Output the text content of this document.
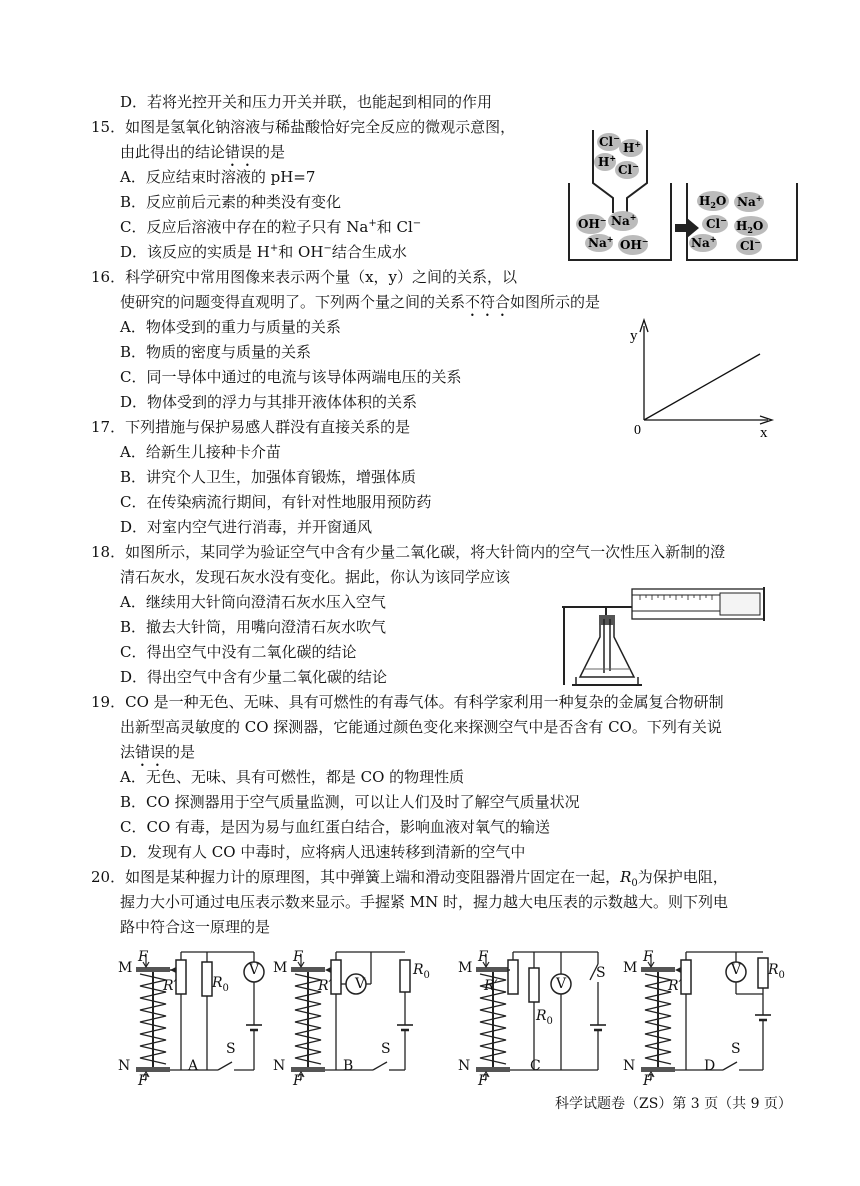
D．若将光控开关和压力开关并联，也能起到相同的作用
15．如图是氢氧化钠溶液与稀盐酸恰好完全反应的微观示意图，
由此得出的结论错误的是
A．反应结束时溶液的 pH=7
B．反应前后元素的种类没有变化
C．反应后溶液中存在的粒子只有 Na+和 Cl−
D．该反应的实质是 H+和 OH−结合生成水
Cl−
H+
H+
Cl−
OH− Na+
Na+ OH−
$H_2O$ Na+
Cl− $H_2O$
Na+ Cl−
16．科学研究中常用图像来表示两个量（x，y）之间的关系，以
使研究的问题变得直观明了。下列两个量之间的关系不符合如图所示的是
A．物体受到的重力与质量的关系
B．物质的密度与质量的关系
C．同一导体中通过的电流与该导体两端电压的关系
D．物体受到的浮力与其排开液体体积的关系
y
x
0
17．下列措施与保护易感人群没有直接关系的是
A．给新生儿接种卡介苗
B．讲究个人卫生，加强体育锻炼，增强体质
C．在传染病流行期间，有针对性地服用预防药
D．对室内空气进行消毒，并开窗通风
18．如图所示，某同学为验证空气中含有少量二氧化碳，将大针筒内的空气一次性压入新制的澄
清石灰水，发现石灰水没有变化。据此，你认为该同学应该
A．继续用大针筒向澄清石灰水压入空气
B．撤去大针筒，用嘴向澄清石灰水吹气
C．得出空气中没有二氧化碳的结论
D．得出空气中含有少量二氧化碳的结论
19．CO 是一种无色、无味、具有可燃性的有毒气体。有科学家利用一种复杂的金属复合物研制
出新型高灵敏度的 CO 探测器，它能通过颜色变化来探测空气中是否含有 CO。下列有关说
法错误的是
A．无色、无味、具有可燃性，都是 CO 的物理性质
B．CO 探测器用于空气质量监测，可以让人们及时了解空气质量状况
C．CO 有毒，是因为易与血红蛋白结合，影响血液对氧气的输送
D．发现有人 CO 中毒时，应将病人迅速转移到清新的空气中
20．如图是某种握力计的原理图，其中弹簧上端和滑动变阻器滑片固定在一起，$R_0$为保护电阻，
握力大小可通过电压表示数来显示。手握紧 MN 时，握力越大电压表的示数越大。则下列电
路中符合这一原理的是
M
N
F
F
R′	$R_0$
V
S
A
M
N
F
F
R′ V
$R_0$
S
B
M
N
F
F
R′
$R_0$
V
S
C
M
N
F
F
R′
V $R_0$
S
D
科学试题卷（ZS）第 3 页（共 9 页）
